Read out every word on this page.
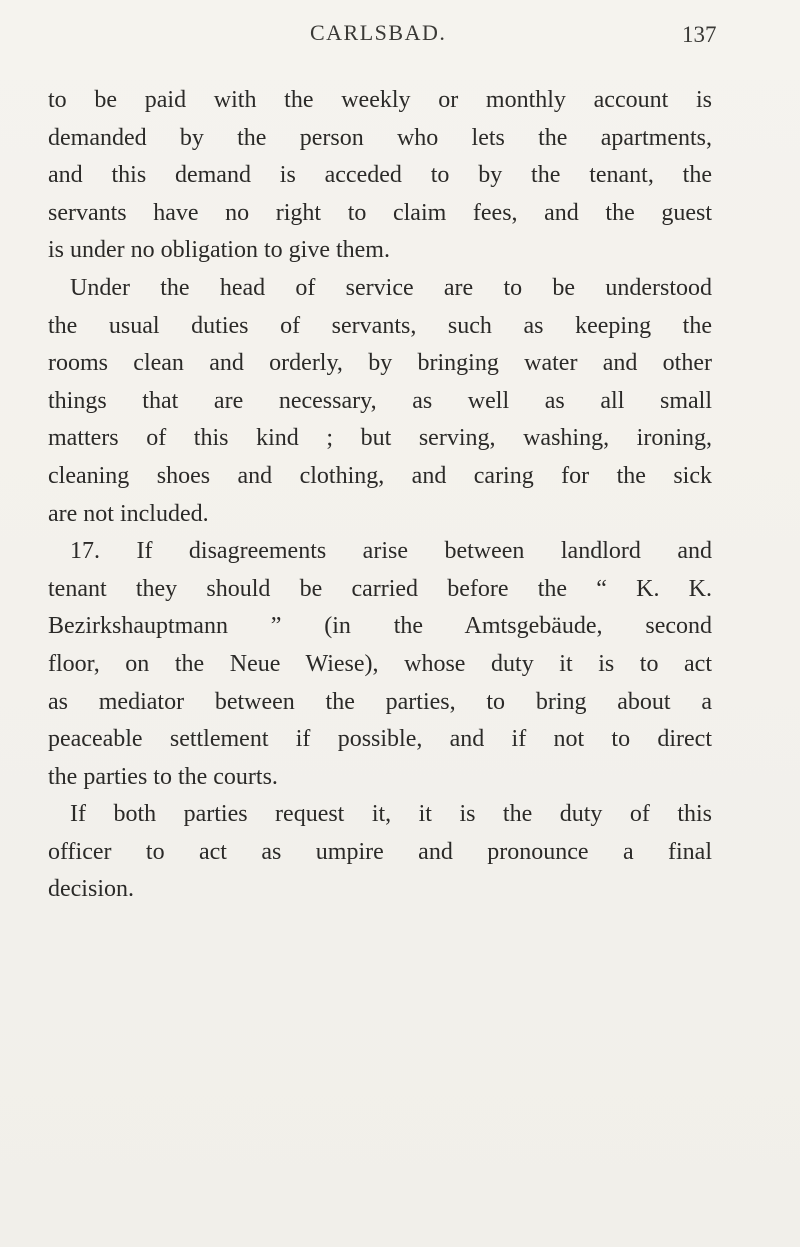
CARLSBAD.	137
to be paid with the weekly or monthly account is
demanded by the person who lets the apartments,
and this demand is acceded to by the tenant, the
servants have no right to claim fees, and the guest
is under no obligation to give them.
Under the head of service are to be understood
the usual duties of servants, such as keeping the
rooms clean and orderly, by bringing water and other
things that are necessary, as well as all small
matters of this kind ; but serving, washing, ironing,
cleaning shoes and clothing, and caring for the sick
are not included.
17. If disagreements arise between landlord and
tenant they should be carried before the “ K. K.
Bezirkshauptmann ” (in the Amtsgebäude, second
floor, on the Neue Wiese), whose duty it is to act
as mediator between the parties, to bring about a
peaceable settlement if possible, and if not to direct
the parties to the courts.
If both parties request it, it is the duty of this
officer to act as umpire and pronounce a final
decision.
